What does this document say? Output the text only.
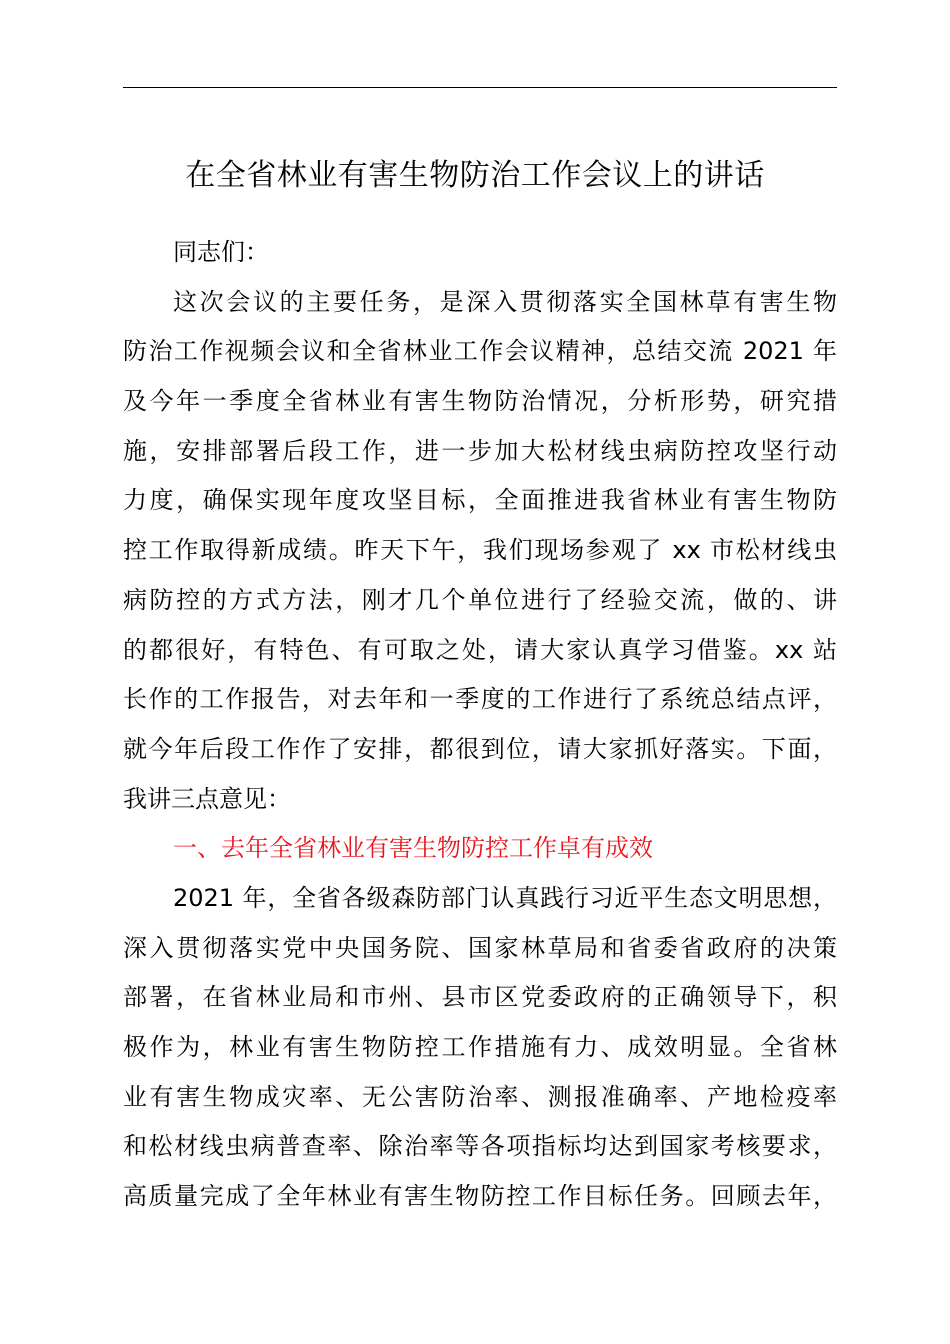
在全省林业有害生物防治工作会议上的讲话
同志们：
这次会议的主要任务，是深入贯彻落实全国林草有害生物
防治工作视频会议和全省林业工作会议精神，总结交流 2021 年
及今年一季度全省林业有害生物防治情况，分析形势，研究措
施，安排部署后段工作，进一步加大松材线虫病防控攻坚行动
力度，确保实现年度攻坚目标，全面推进我省林业有害生物防
控工作取得新成绩。昨天下午，我们现场参观了 xx 市松材线虫
病防控的方式方法，刚才几个单位进行了经验交流，做的、讲
的都很好，有特色、有可取之处，请大家认真学习借鉴。xx 站
长作的工作报告，对去年和一季度的工作进行了系统总结点评，
就今年后段工作作了安排，都很到位，请大家抓好落实。下面，
我讲三点意见：
一、去年全省林业有害生物防控工作卓有成效
2021 年，全省各级森防部门认真践行习近平生态文明思想，
深入贯彻落实党中央国务院、国家林草局和省委省政府的决策
部署，在省林业局和市州、县市区党委政府的正确领导下，积
极作为，林业有害生物防控工作措施有力、成效明显。全省林
业有害生物成灾率、无公害防治率、测报准确率、产地检疫率
和松材线虫病普查率、除治率等各项指标均达到国家考核要求，
高质量完成了全年林业有害生物防控工作目标任务。回顾去年，
